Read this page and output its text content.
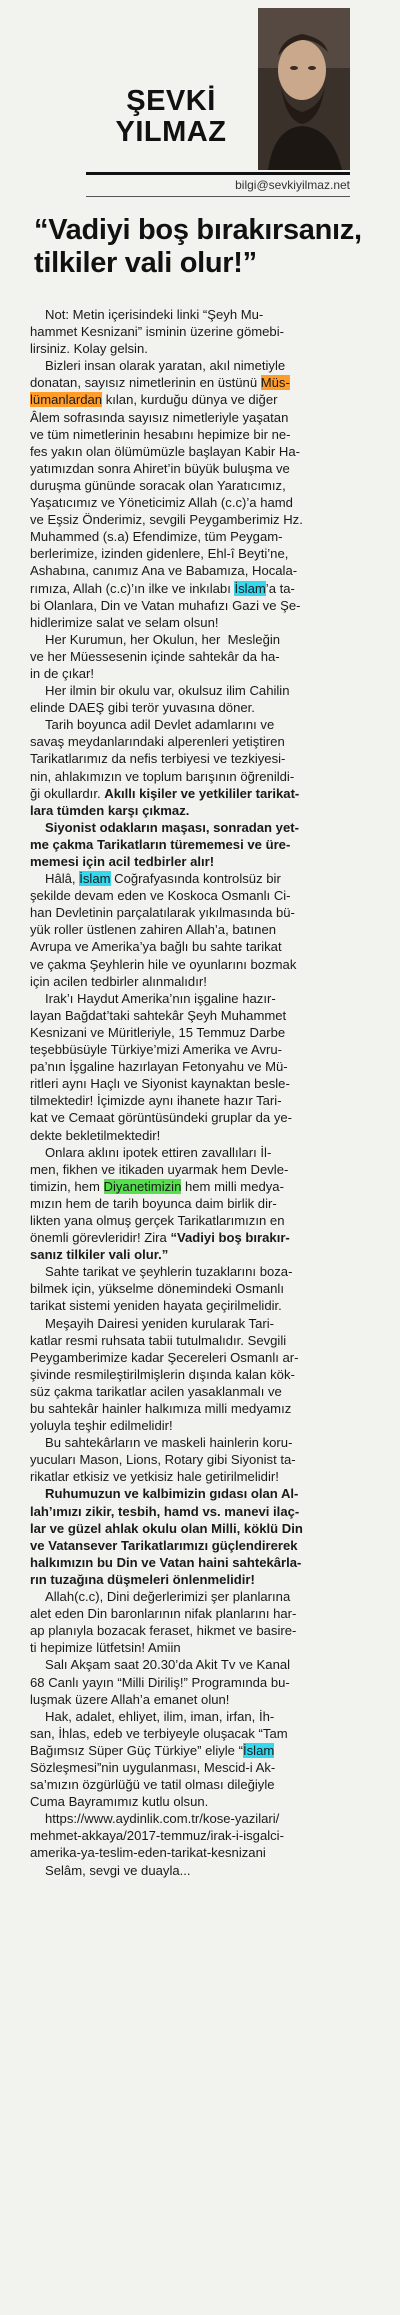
ŞEVKİ
YILMAZ
bilgi@sevkiyilmaz.net
“Vadiyi boş bırakırsanız,
tilkiler vali olur!”
Not: Metin içerisindeki linki “Şeyh Mu-
hammet Kesnizani” isminin üzerine gömebi-
lirsiniz. Kolay gelsin.
Bizleri insan olarak yaratan, akıl nimetiyle
donatan, sayısız nimetlerinin en üstünü Müs-
lümanlardan kılan, kurduğu dünya ve diğer
Âlem sofrasında sayısız nimetleriyle yaşatan
ve tüm nimetlerinin hesabını hepimize bir ne-
fes yakın olan ölümümüzle başlayan Kabir Ha-
yatımızdan sonra Ahiret’in büyük buluşma ve
duruşma gününde soracak olan Yaratıcımız,
Yaşatıcımız ve Yöneticimiz Allah (c.c)’a hamd
ve Eşsiz Önderimiz, sevgili Peygamberimiz Hz.
Muhammed (s.a) Efendimize, tüm Peygam-
berlerimize, izinden gidenlere, Ehl-î Beyti’ne,
Ashabına, canımız Ana ve Babamıza, Hocala-
rımıza, Allah (c.c)’ın ilke ve inkılabı İslam’a ta-
bi Olanlara, Din ve Vatan muhafızı Gazi ve Şe-
hidlerimize salat ve selam olsun!
Her Kurumun, her Okulun, her  Mesleğin
ve her Müessesenin içinde sahtekâr da ha-
in de çıkar!
Her ilmin bir okulu var, okulsuz ilim Cahilin
elinde DAEŞ gibi terör yuvasına döner.
Tarih boyunca adil Devlet adamlarını ve
savaş meydanlarındaki alperenleri yetiştiren
Tarikatlarımız da nefis terbiyesi ve tezkiyesi-
nin, ahlakımızın ve toplum barışının öğrenildi-
ği okullardır. Akıllı kişiler ve yetkililer tarikat-
lara tümden karşı çıkmaz.
Siyonist odakların maşası, sonradan yet-
me çakma Tarikatların türememesi ve üre-
memesi için acil tedbirler alır!
Hâlâ, İslam Coğrafyasında kontrolsüz bir
şekilde devam eden ve Koskoca Osmanlı Ci-
han Devletinin parçalatılarak yıkılmasında bü-
yük roller üstlenen zahiren Allah’a, batınen
Avrupa ve Amerika’ya bağlı bu sahte tarikat
ve çakma Şeyhlerin hile ve oyunlarını bozmak
için acilen tedbirler alınmalıdır!
Irak’ı Haydut Amerika’nın işgaline hazır-
layan Bağdat’taki sahtekâr Şeyh Muhammet
Kesnizani ve Müritleriyle, 15 Temmuz Darbe
teşebbüsüyle Türkiye’mizi Amerika ve Avru-
pa’nın İşgaline hazırlayan Fetonyahu ve Mü-
ritleri aynı Haçlı ve Siyonist kaynaktan besle-
tilmektedir! İçimizde aynı ihanete hazır Tari-
kat ve Cemaat görüntüsündeki gruplar da ye-
dekte bekletilmektedir!
Onlara aklını ipotek ettiren zavallıları İl-
men, fikhen ve itikaden uyarmak hem Devle-
timizin, hem Diyanetimizin hem milli medya-
mızın hem de tarih boyunca daim birlik dir-
likten yana olmuş gerçek Tarikatlarımızın en
önemli görevleridir! Zira “Vadiyi boş bırakır-
sanız tilkiler vali olur.”
Sahte tarikat ve şeyhlerin tuzaklarını boza-
bilmek için, yükselme dönemindeki Osmanlı
tarikat sistemi yeniden hayata geçirilmelidir.
Meşayih Dairesi yeniden kurularak Tari-
katlar resmi ruhsata tabii tutulmalıdır. Sevgili
Peygamberimize kadar Şecereleri Osmanlı ar-
şivinde resmileştirilmişlerin dışında kalan kök-
süz çakma tarikatlar acilen yasaklanmalı ve
bu sahtekâr hainler halkımıza milli medyamız
yoluyla teşhir edilmelidir!
Bu sahtekârların ve maskeli hainlerin koru-
yucuları Mason, Lions, Rotary gibi Siyonist ta-
rikatlar etkisiz ve yetkisiz hale getirilmelidir!
Ruhumuzun ve kalbimizin gıdası olan Al-
lah’ımızı zikir, tesbih, hamd vs. manevi ilaç-
lar ve güzel ahlak okulu olan Milli, köklü Din
ve Vatansever Tarikatlarımızı güçlendirerek
halkımızın bu Din ve Vatan haini sahtekârla-
rın tuzağına düşmeleri önlenmelidir!
Allah(c.c), Dini değerlerimizi şer planlarına
alet eden Din baronlarının nifak planlarını har-
ap planıyla bozacak feraset, hikmet ve basire-
ti hepimize lütfetsin! Amiin
Salı Akşam saat 20.30’da Akit Tv ve Kanal
68 Canlı yayın “Milli Diriliş!” Programında bu-
luşmak üzere Allah’a emanet olun!
Hak, adalet, ehliyet, ilim, iman, irfan, İh-
san, İhlas, edeb ve terbiyeyle oluşacak “Tam
Bağımsız Süper Güç Türkiye” eliyle “İslam
Sözleşmesi”nin uygulanması, Mescid-i Ak-
sa’mızın özgürlüğü ve tatil olması dileğiyle
Cuma Bayramımız kutlu olsun.
https://www.aydinlik.com.tr/kose-yazilari/
mehmet-akkaya/2017-temmuz/irak-i-isgalci-
amerika-ya-teslim-eden-tarikat-kesnizani
Selâm, sevgi ve duayla...
